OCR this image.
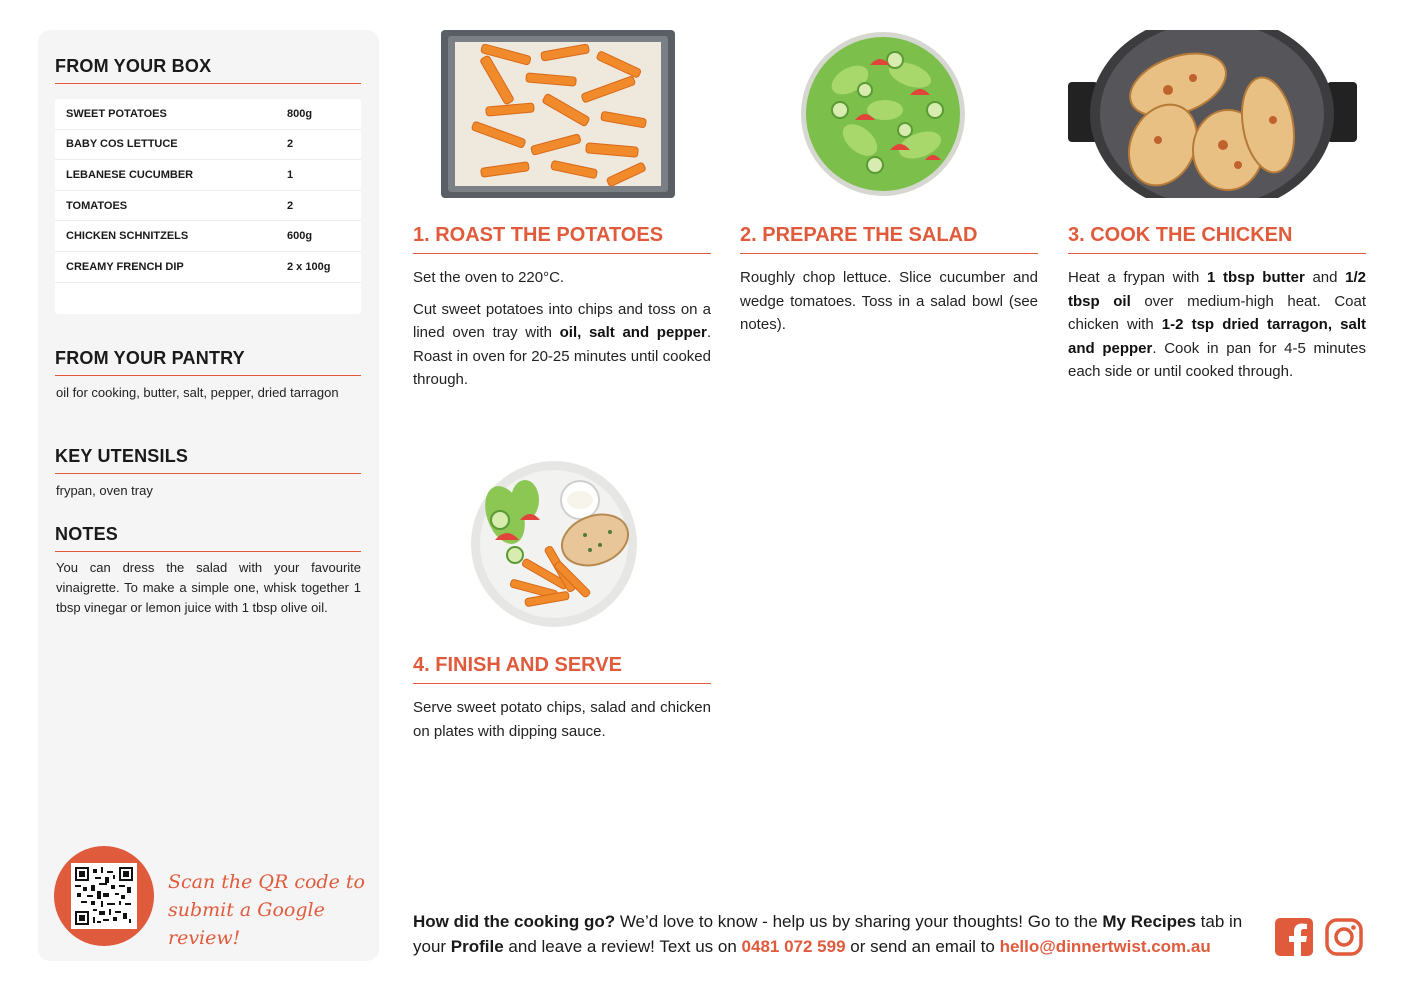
FROM YOUR BOX
SWEET POTATOES	800g
BABY COS LETTUCE	2
LEBANESE CUCUMBER	1
TOMATOES	2
CHICKEN SCHNITZELS	600g
CREAMY FRENCH DIP	2 x 100g
FROM YOUR PANTRY
oil for cooking, butter, salt, pepper, dried tarragon
KEY UTENSILS
frypan, oven tray
NOTES
You can dress the salad with your favourite vinaigrette. To make a simple one, whisk together 1 tbsp vinegar or lemon juice with 1 tbsp olive oil.
Scan the QR code to
submit a Google review!
1. ROAST THE POTATOES

Set the oven to 220°C.

Cut sweet potatoes into chips and toss on a lined oven tray with oil, salt and pepper. Roast in oven for 20-25 minutes until cooked through.

2. PREPARE THE SALAD

Roughly chop lettuce. Slice cucumber and wedge tomatoes. Toss in a salad bowl (see notes).

3. COOK THE CHICKEN

Heat a frypan with 1 tbsp butter and 1/2 tbsp oil over medium-high heat. Coat chicken with 1-2 tsp dried tarragon, salt and pepper. Cook in pan for 4-5 minutes each side or until cooked through.

4. FINISH AND SERVE

Serve sweet potato chips, salad and chicken on plates with dipping sauce.

How did the cooking go? We’d love to know - help us by sharing your thoughts! Go to the My Recipes tab in your Profile and leave a review! Text us on 0481 072 599 or send an email to hello@dinnertwist.com.au
